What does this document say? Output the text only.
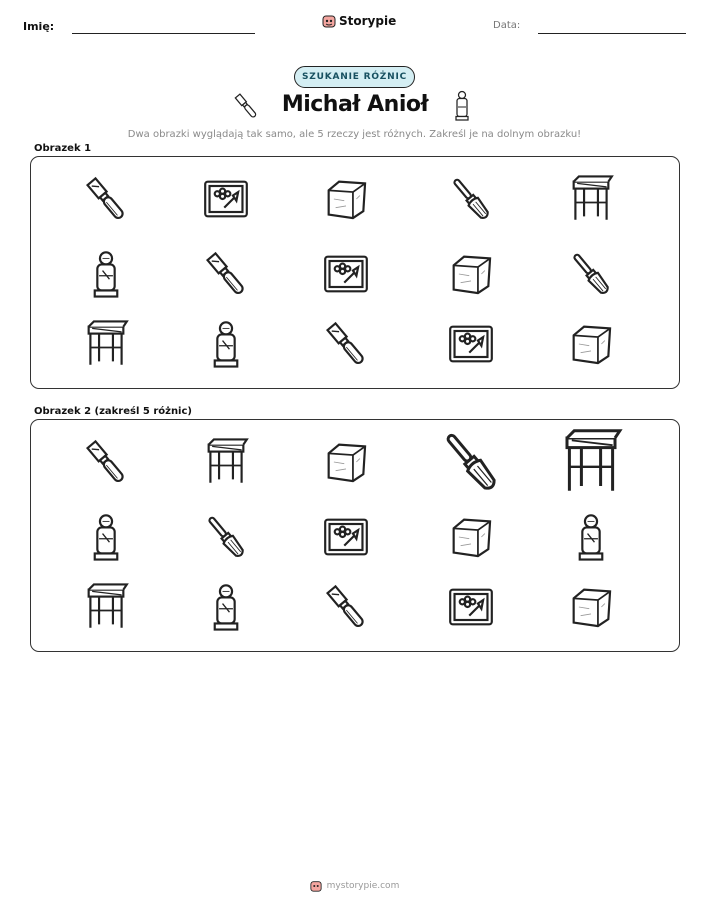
Imię:	Storypie	Data:
SZUKANIE RÓŻNIC
Michał Anioł
Dwa obrazki wyglądają tak samo, ale 5 rzeczy jest różnych. Zakreśl je na dolnym obrazku!
Obrazek 1
Obrazek 2 (zakreśl 5 różnic)
mystorypie.com
